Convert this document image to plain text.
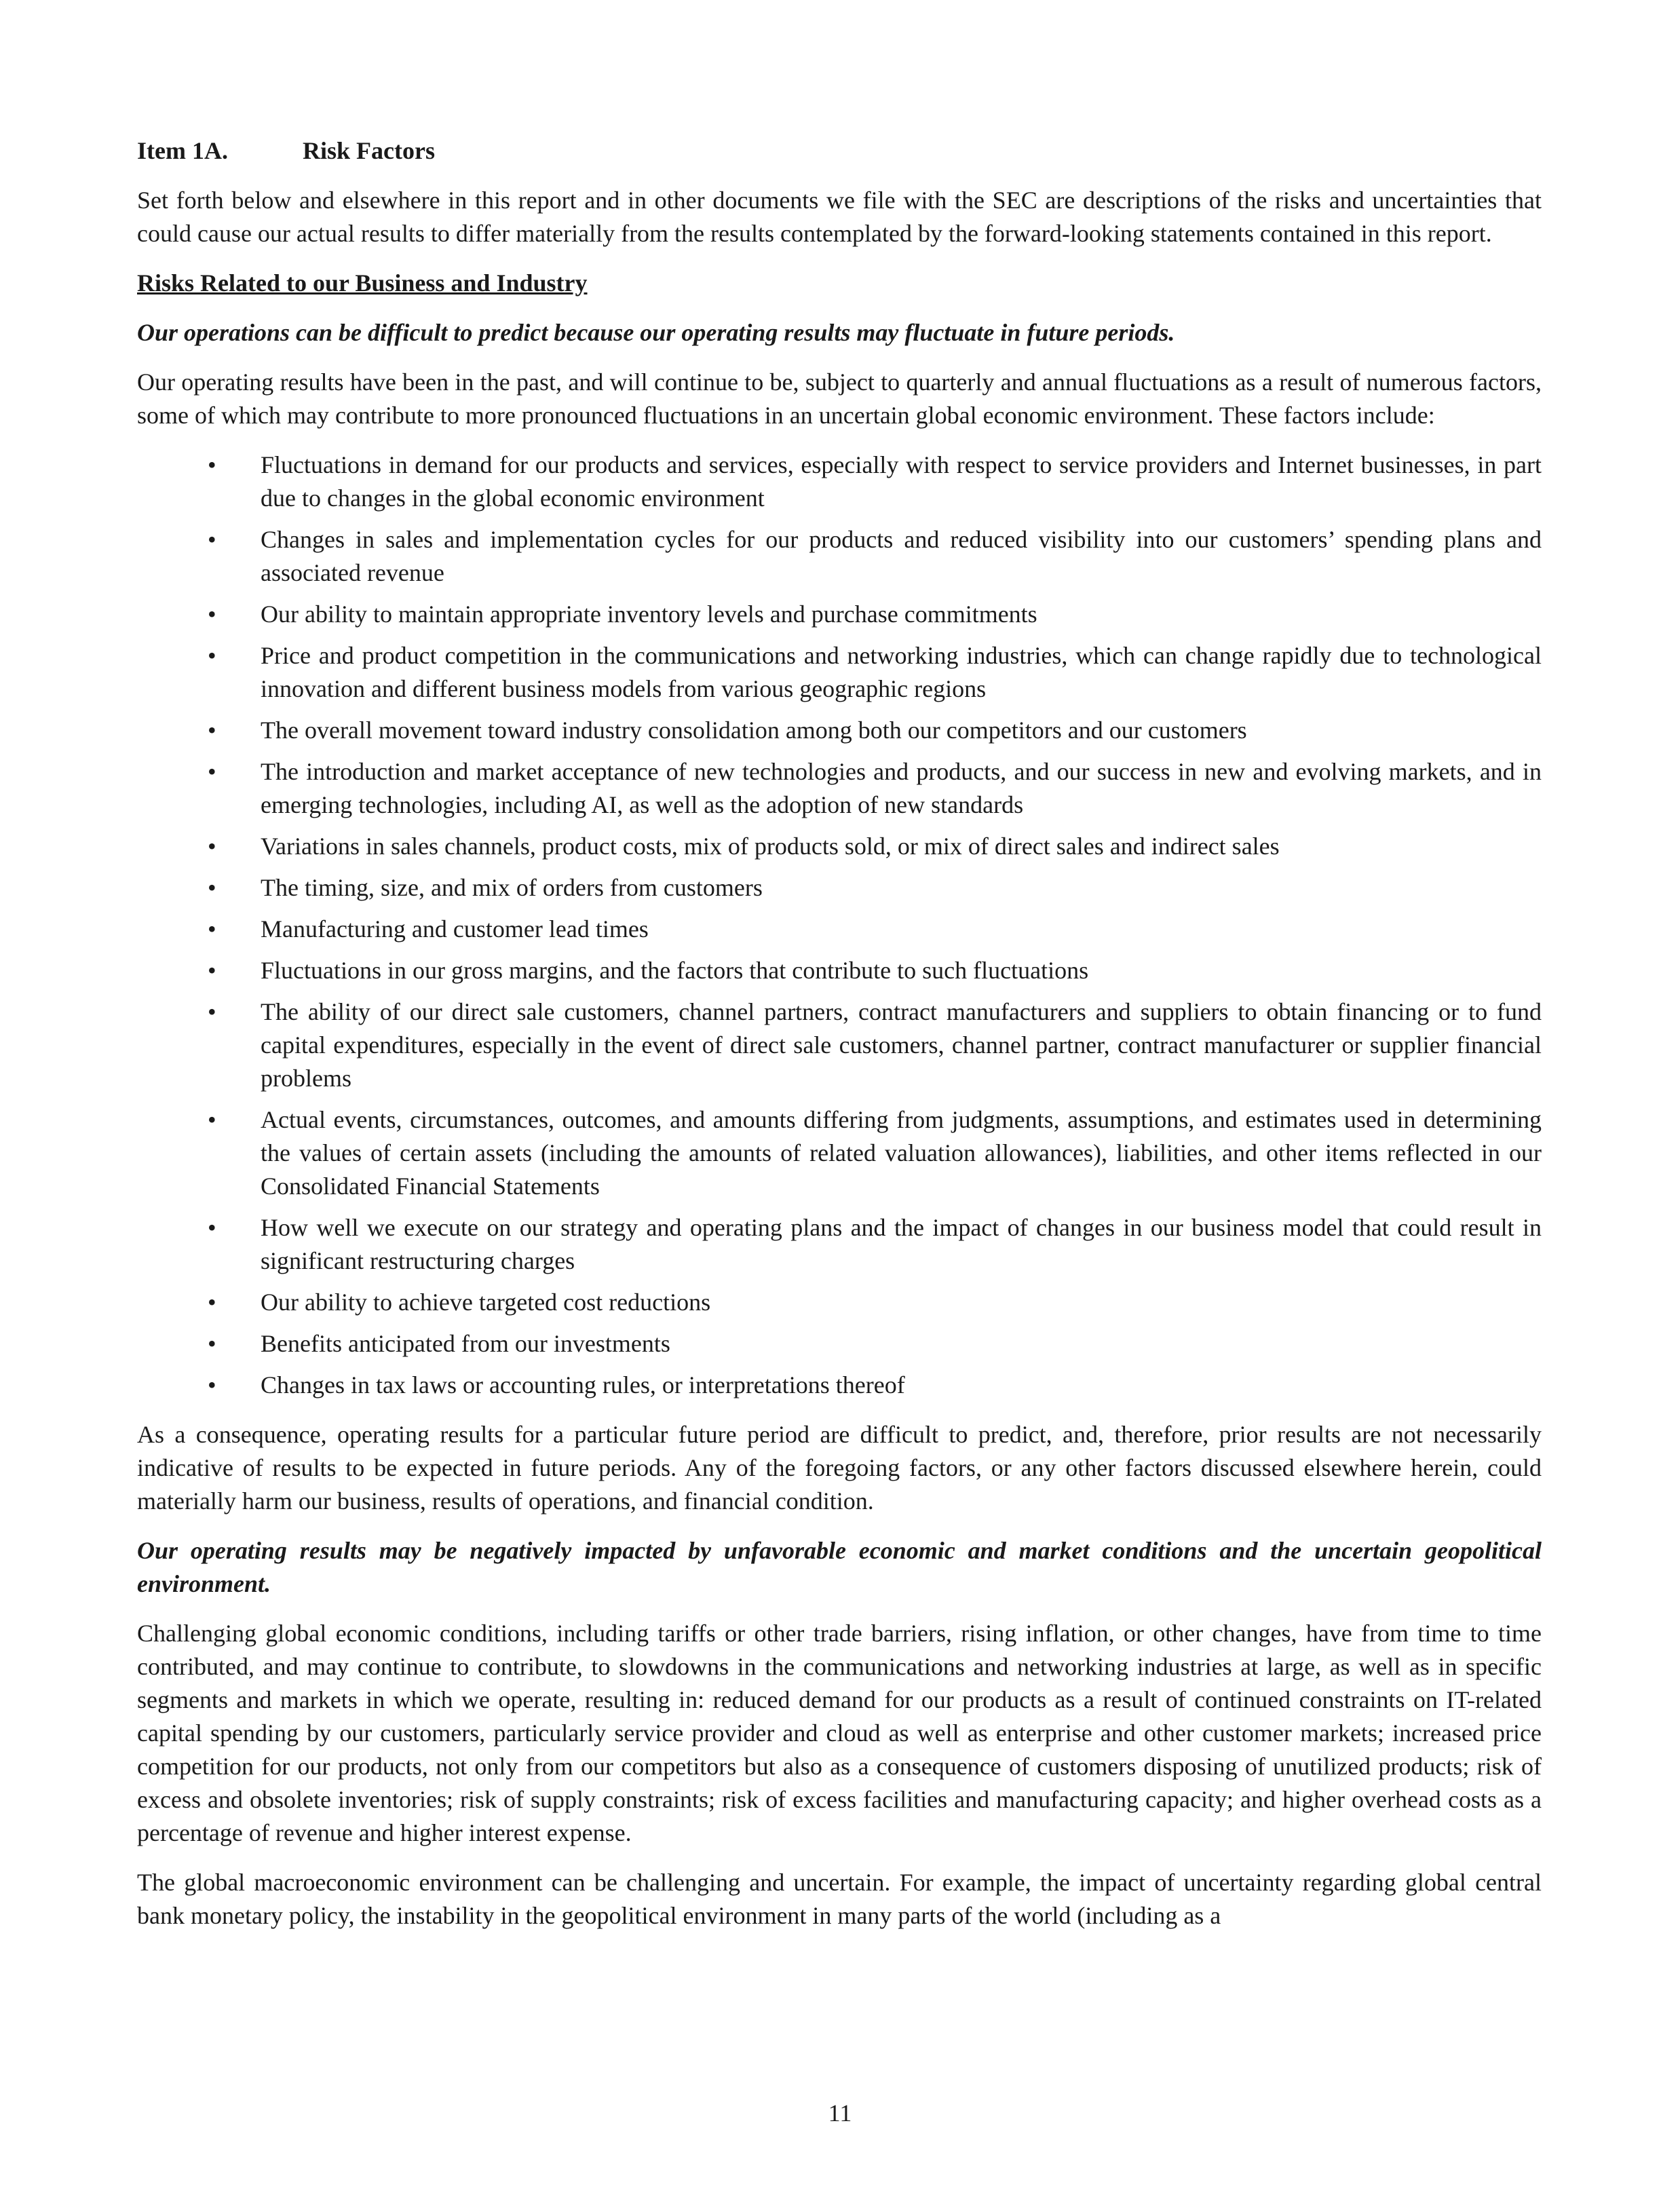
Item 1A.	Risk Factors

Set forth below and elsewhere in this report and in other documents we file with the SEC are descriptions of the risks and uncertainties that could cause our actual results to differ materially from the results contemplated by the forward-looking statements contained in this report.

Risks Related to our Business and Industry
Our operations can be difficult to predict because our operating results may fluctuate in future periods.

Our operating results have been in the past, and will continue to be, subject to quarterly and annual fluctuations as a result of numerous factors, some of which may contribute to more pronounced fluctuations in an uncertain global economic environment. These factors include:

• Fluctuations in demand for our products and services, especially with respect to service providers and Internet businesses, in part due to changes in the global economic environment
• Changes in sales and implementation cycles for our products and reduced visibility into our customers’ spending plans and associated revenue
• Our ability to maintain appropriate inventory levels and purchase commitments
• Price and product competition in the communications and networking industries, which can change rapidly due to technological innovation and different business models from various geographic regions
• The overall movement toward industry consolidation among both our competitors and our customers
• The introduction and market acceptance of new technologies and products, and our success in new and evolving markets, and in emerging technologies, including AI, as well as the adoption of new standards
• Variations in sales channels, product costs, mix of products sold, or mix of direct sales and indirect sales
• The timing, size, and mix of orders from customers
• Manufacturing and customer lead times
• Fluctuations in our gross margins, and the factors that contribute to such fluctuations
• The ability of our direct sale customers, channel partners, contract manufacturers and suppliers to obtain financing or to fund capital expenditures, especially in the event of direct sale customers, channel partner, contract manufacturer or supplier financial problems
• Actual events, circumstances, outcomes, and amounts differing from judgments, assumptions, and estimates used in determining the values of certain assets (including the amounts of related valuation allowances), liabilities, and other items reflected in our Consolidated Financial Statements
• How well we execute on our strategy and operating plans and the impact of changes in our business model that could result in significant restructuring charges
• Our ability to achieve targeted cost reductions
• Benefits anticipated from our investments
• Changes in tax laws or accounting rules, or interpretations thereof

As a consequence, operating results for a particular future period are difficult to predict, and, therefore, prior results are not necessarily indicative of results to be expected in future periods. Any of the foregoing factors, or any other factors discussed elsewhere herein, could materially harm our business, results of operations, and financial condition.

Our operating results may be negatively impacted by unfavorable economic and market conditions and the uncertain geopolitical environment.

Challenging global economic conditions, including tariffs or other trade barriers, rising inflation, or other changes, have from time to time contributed, and may continue to contribute, to slowdowns in the communications and networking industries at large, as well as in specific segments and markets in which we operate, resulting in: reduced demand for our products as a result of continued constraints on IT-related capital spending by our customers, particularly service provider and cloud as well as enterprise and other customer markets; increased price competition for our products, not only from our competitors but also as a consequence of customers disposing of unutilized products; risk of excess and obsolete inventories; risk of supply constraints; risk of excess facilities and manufacturing capacity; and higher overhead costs as a percentage of revenue and higher interest expense.

The global macroeconomic environment can be challenging and uncertain. For example, the impact of uncertainty regarding global central bank monetary policy, the instability in the geopolitical environment in many parts of the world (including as a

11
